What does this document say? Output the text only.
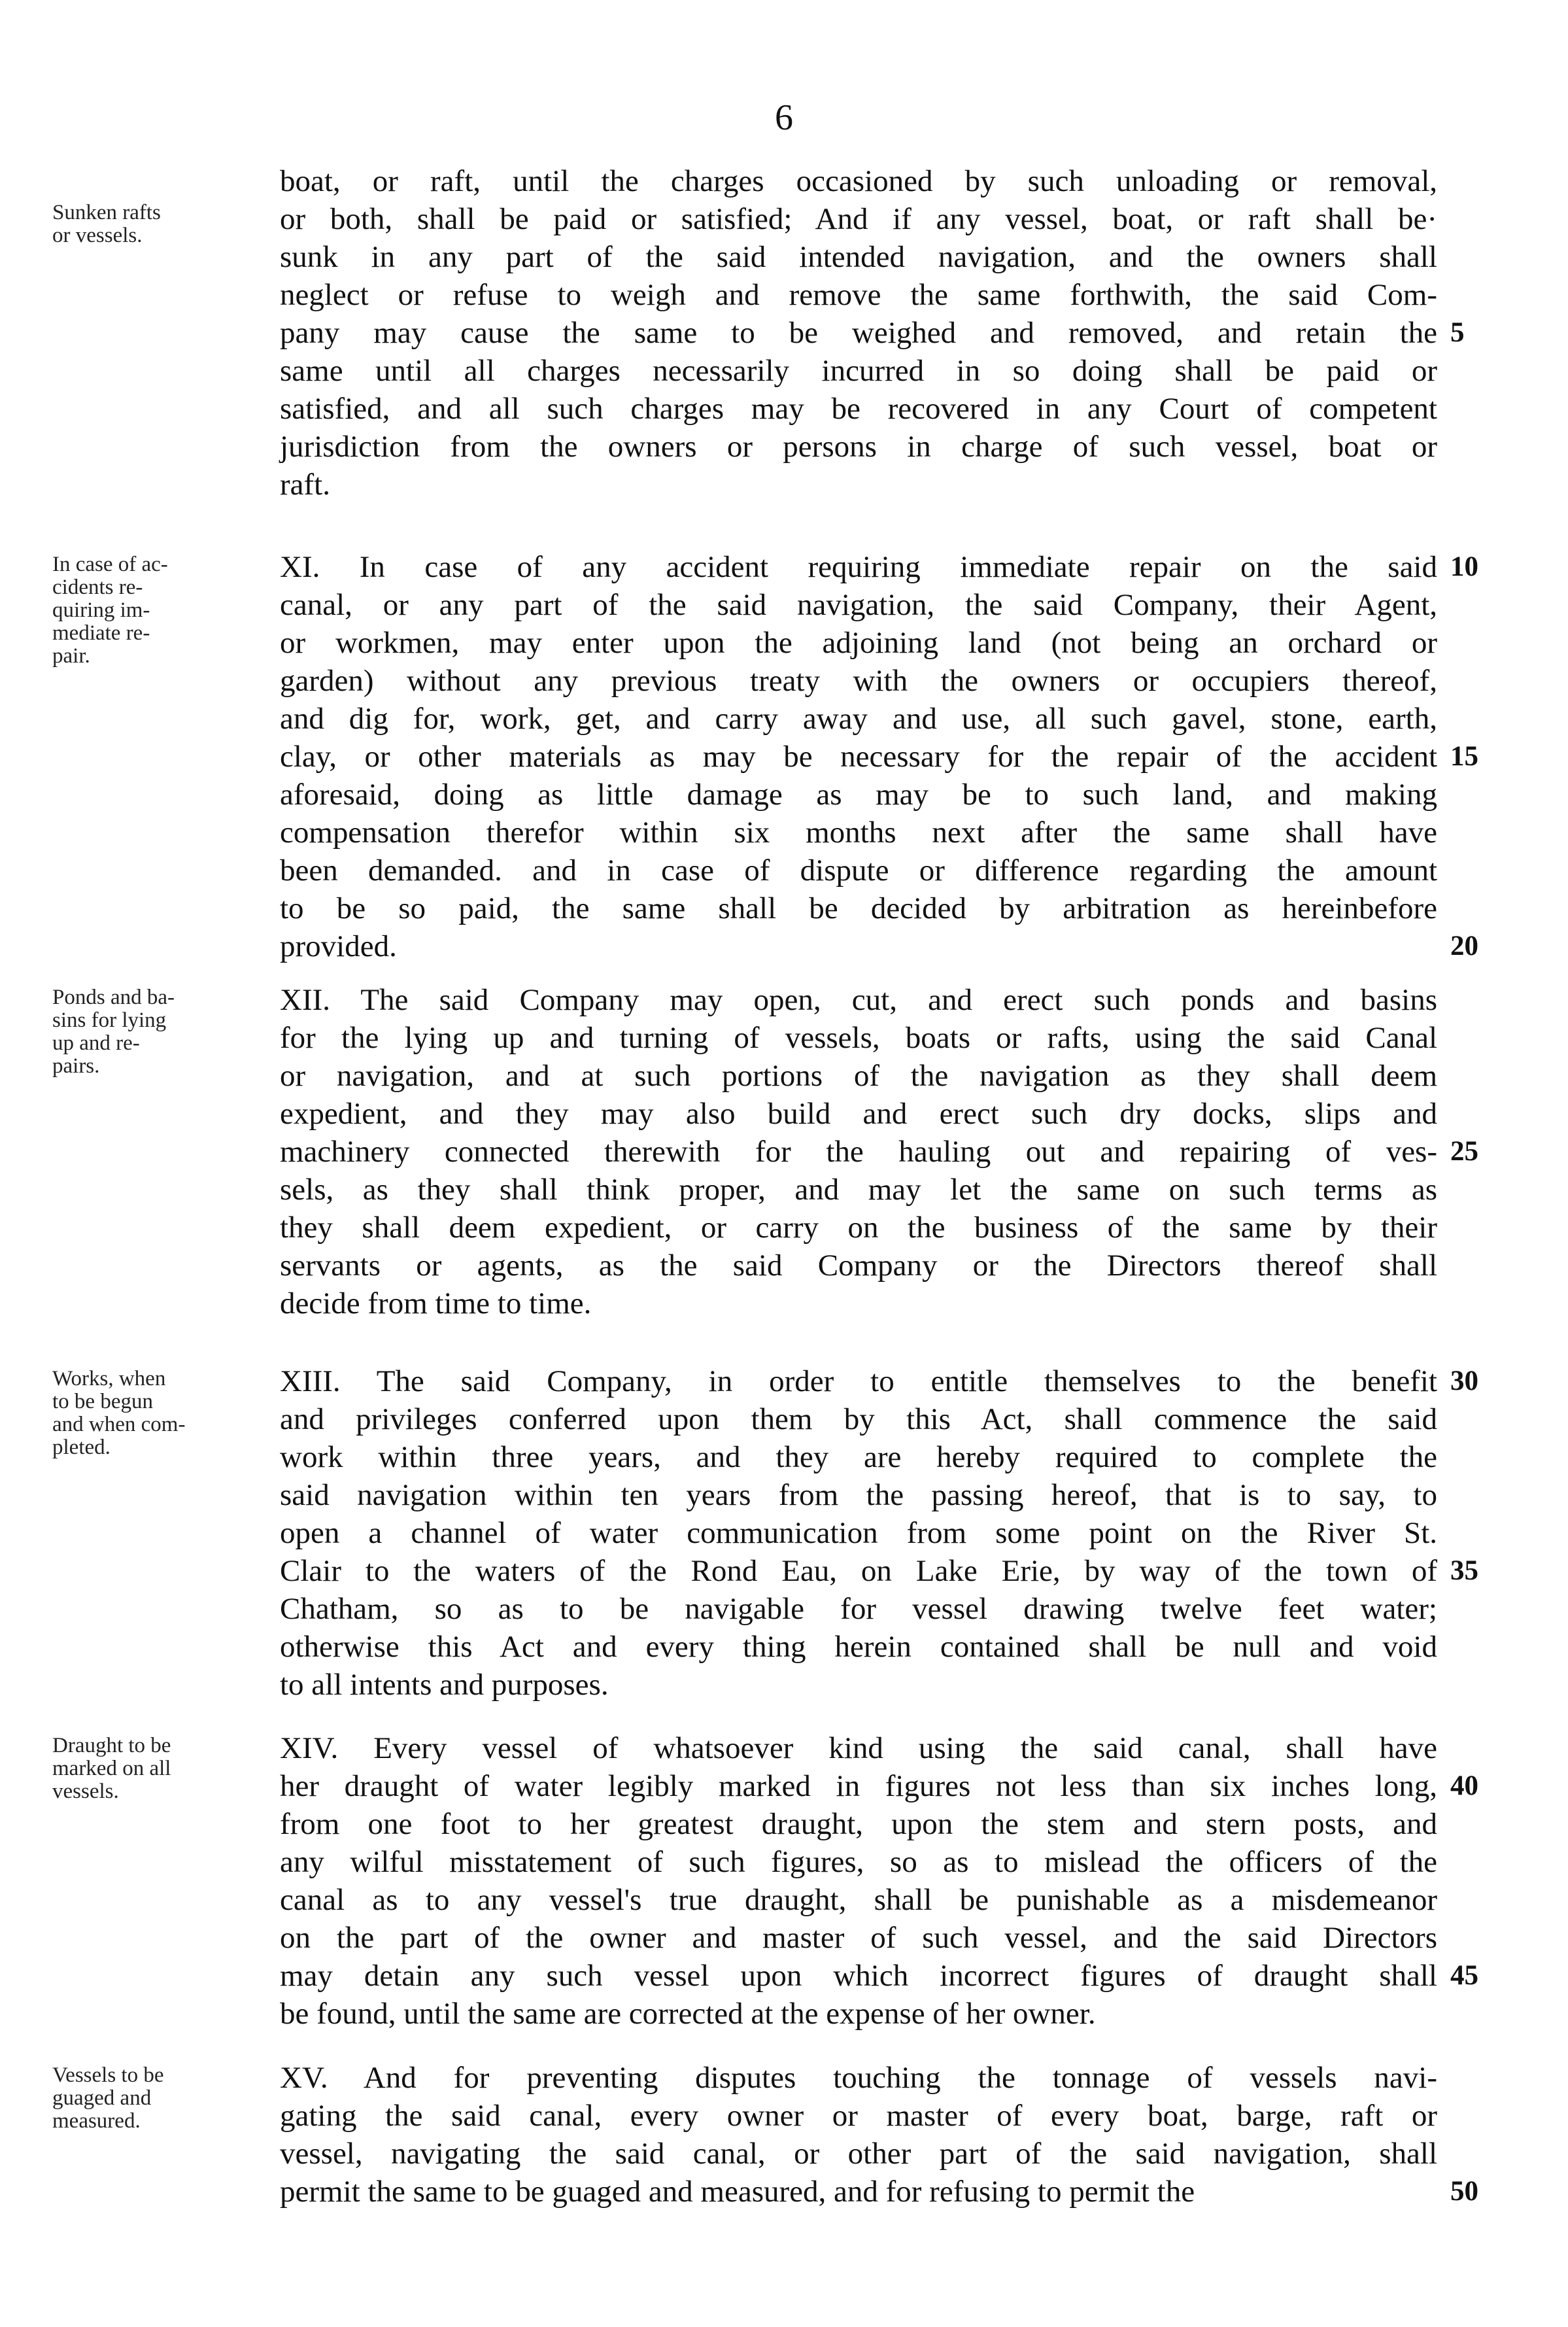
6
Sunken rafts
or vessels.
boat, or raft, until the charges occasioned by such unloading or removal,
or both, shall be paid or satisfied; And if any vessel, boat, or raft shall be·
sunk in any part of the said intended navigation, and the owners shall
neglect or refuse to weigh and remove the same forthwith, the said Com-
pany may cause the same to be weighed and removed, and retain the
same until all charges necessarily incurred in so doing shall be paid or
satisfied, and all such charges may be recovered in any Court of competent
jurisdiction from the owners or persons in charge of such vessel, boat or
raft.
5
In case of ac-
cidents re-
quiring im-
mediate re-
pair.
XI. In case of any accident requiring immediate repair on the said
canal, or any part of the said navigation, the said Company, their Agent,
or workmen, may enter upon the adjoining land (not being an orchard or
garden) without any previous treaty with the owners or occupiers thereof,
and dig for, work, get, and carry away and use, all such gavel, stone, earth,
clay, or other materials as may be necessary for the repair of the accident
aforesaid, doing as little damage as may be to such land, and making
compensation therefor within six months next after the same shall have
been demanded. and in case of dispute or difference regarding the amount
to be so paid, the same shall be decided by arbitration as hereinbefore
provided.
10
15
20
Ponds and ba-
sins for lying
up and re-
pairs.
XII. The said Company may open, cut, and erect such ponds and basins
for the lying up and turning of vessels, boats or rafts, using the said Canal
or navigation, and at such portions of the navigation as they shall deem
expedient, and they may also build and erect such dry docks, slips and
machinery connected therewith for the hauling out and repairing of ves-
sels, as they shall think proper, and may let the same on such terms as
they shall deem expedient, or carry on the business of the same by their
servants or agents, as the said Company or the Directors thereof shall
decide from time to time.
25
Works, when
to be begun
and when com-
pleted.
XIII. The said Company, in order to entitle themselves to the benefit
and privileges conferred upon them by this Act, shall commence the said
work within three years, and they are hereby required to complete the
said navigation within ten years from the passing hereof, that is to say, to
open a channel of water communication from some point on the River St.
Clair to the waters of the Rond Eau, on Lake Erie, by way of the town of
Chatham, so as to be navigable for vessel drawing twelve feet water;
otherwise this Act and every thing herein contained shall be null and void
to all intents and purposes.
30
35
Draught to be
marked on all
vessels.
XIV. Every vessel of whatsoever kind using the said canal, shall have
her draught of water legibly marked in figures not less than six inches long,
from one foot to her greatest draught, upon the stem and stern posts, and
any wilful misstatement of such figures, so as to mislead the officers of the
canal as to any vessel's true draught, shall be punishable as a misdemeanor
on the part of the owner and master of such vessel, and the said Directors
may detain any such vessel upon which incorrect figures of draught shall
be found, until the same are corrected at the expense of her owner.
40
45
Vessels to be
guaged and
measured.
XV. And for preventing disputes touching the tonnage of vessels navi-
gating the said canal, every owner or master of every boat, barge, raft or
vessel, navigating the said canal, or other part of the said navigation, shall
permit the same to be guaged and measured, and for refusing to permit the	50
